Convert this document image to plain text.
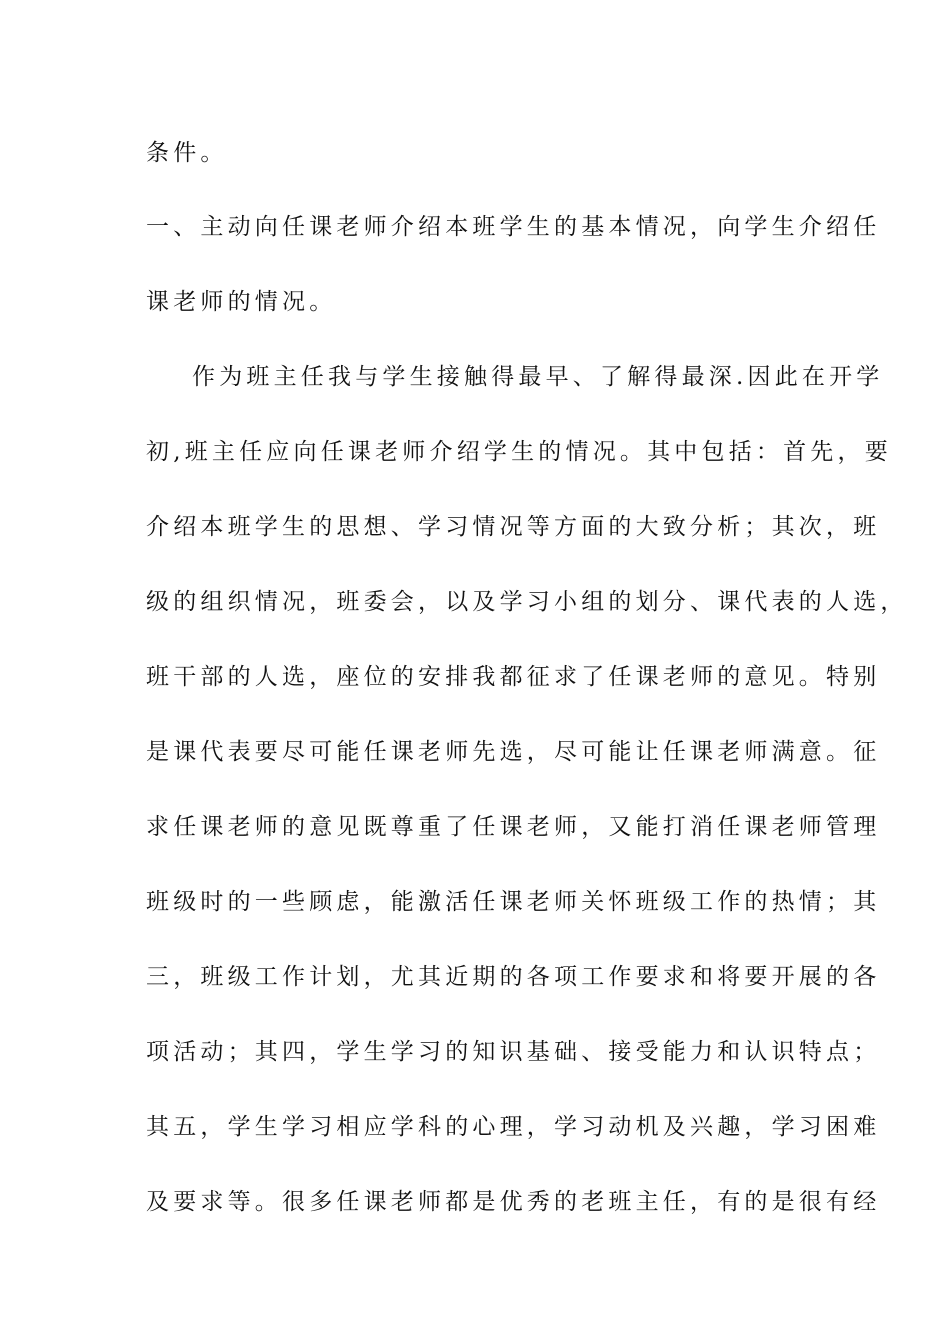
条件。
一、主动向任课老师介绍本班学生的基本情况，向学生介绍任
课老师的情况。
作为班主任我与学生接触得最早、了解得最深.因此在开学
初,班主任应向任课老师介绍学生的情况。其中包括：首先，要
介绍本班学生的思想、学习情况等方面的大致分析；其次，班
级的组织情况，班委会，以及学习小组的划分、课代表的人选，
班干部的人选，座位的安排我都征求了任课老师的意见。特别
是课代表要尽可能任课老师先选，尽可能让任课老师满意。征
求任课老师的意见既尊重了任课老师，又能打消任课老师管理
班级时的一些顾虑，能激活任课老师关怀班级工作的热情；其
三，班级工作计划，尤其近期的各项工作要求和将要开展的各
项活动；其四，学生学习的知识基础、接受能力和认识特点；
其五，学生学习相应学科的心理，学习动机及兴趣，学习困难
及要求等。很多任课老师都是优秀的老班主任，有的是很有经
